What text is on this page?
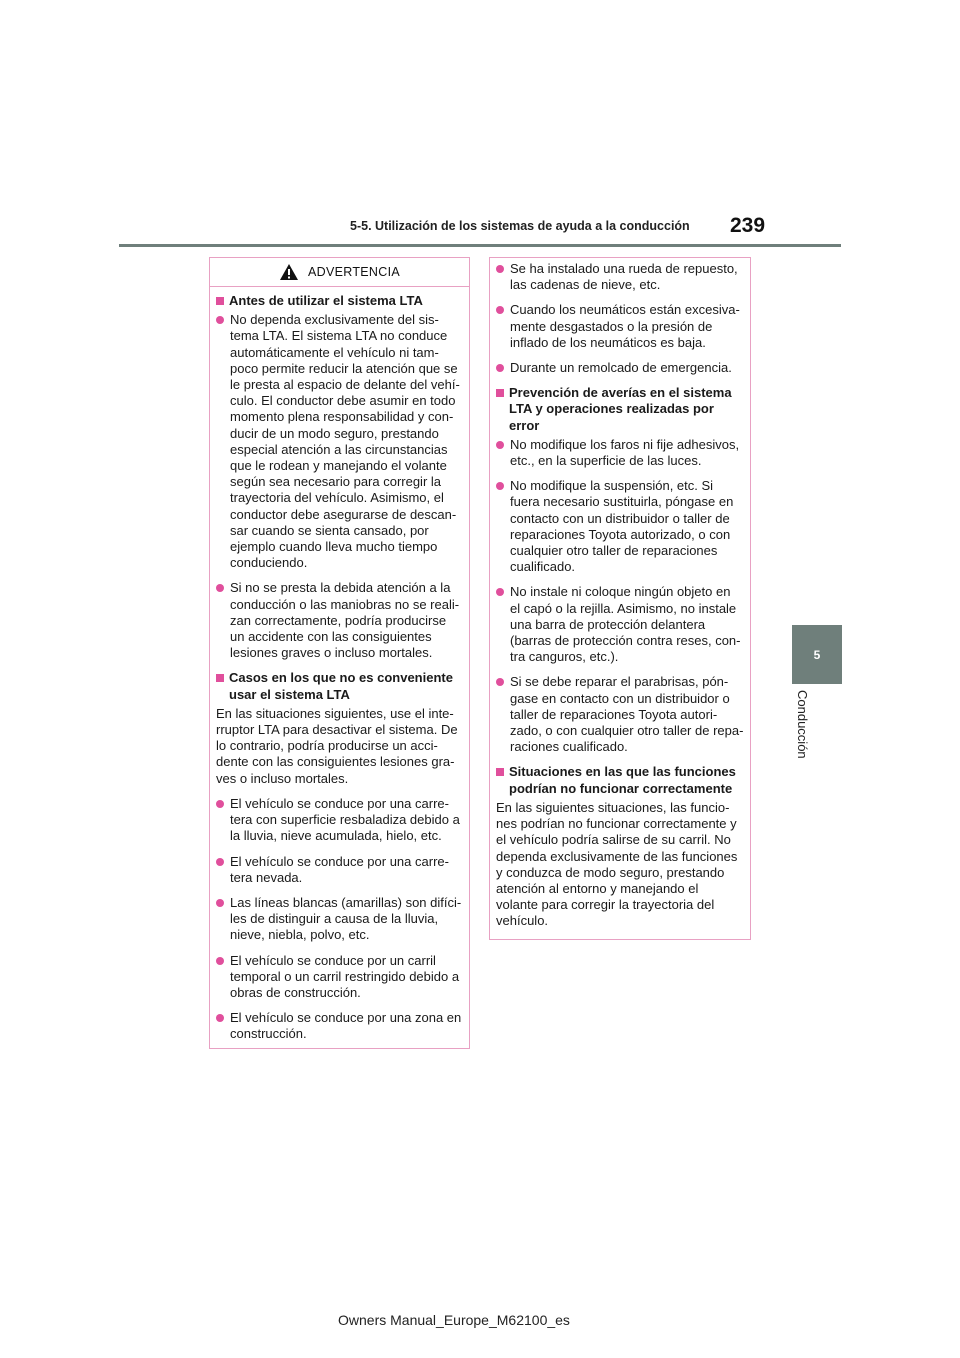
5-5. Utilización de los sistemas de ayuda a la conducción	239
5
Conducción
ADVERTENCIA
Antes de utilizar el sistema LTA
No dependa exclusivamente del sis-
tema LTA. El sistema LTA no conduce
automáticamente el vehículo ni tam-
poco permite reducir la atención que se
le presta al espacio de delante del vehí-
culo. El conductor debe asumir en todo
momento plena responsabilidad y con-
ducir de un modo seguro, prestando
especial atención a las circunstancias
que le rodean y manejando el volante
según sea necesario para corregir la
trayectoria del vehículo. Asimismo, el
conductor debe asegurarse de descan-
sar cuando se sienta cansado, por
ejemplo cuando lleva mucho tiempo
conduciendo.
Si no se presta la debida atención a la
conducción o las maniobras no se reali-
zan correctamente, podría producirse
un accidente con las consiguientes
lesiones graves o incluso mortales.
Casos en los que no es conveniente
usar el sistema LTA
En las situaciones siguientes, use el inte-
rruptor LTA para desactivar el sistema. De
lo contrario, podría producirse un acci-
dente con las consiguientes lesiones gra-
ves o incluso mortales.
El vehículo se conduce por una carre-
tera con superficie resbaladiza debido a
la lluvia, nieve acumulada, hielo, etc.
El vehículo se conduce por una carre-
tera nevada.
Las líneas blancas (amarillas) son difíci-
les de distinguir a causa de la lluvia,
nieve, niebla, polvo, etc.
El vehículo se conduce por un carril
temporal o un carril restringido debido a
obras de construcción.
El vehículo se conduce por una zona en
construcción.
Se ha instalado una rueda de repuesto,
las cadenas de nieve, etc.
Cuando los neumáticos están excesiva-
mente desgastados o la presión de
inflado de los neumáticos es baja.
Durante un remolcado de emergencia.
Prevención de averías en el sistema
LTA y operaciones realizadas por
error
No modifique los faros ni fije adhesivos,
etc., en la superficie de las luces.
No modifique la suspensión, etc. Si
fuera necesario sustituirla, póngase en
contacto con un distribuidor o taller de
reparaciones Toyota autorizado, o con
cualquier otro taller de reparaciones
cualificado.
No instale ni coloque ningún objeto en
el capó o la rejilla. Asimismo, no instale
una barra de protección delantera
(barras de protección contra reses, con-
tra canguros, etc.).
Si se debe reparar el parabrisas, pón-
gase en contacto con un distribuidor o
taller de reparaciones Toyota autori-
zado, o con cualquier otro taller de repa-
raciones cualificado.
Situaciones en las que las funciones
podrían no funcionar correctamente
En las siguientes situaciones, las funcio-
nes podrían no funcionar correctamente y
el vehículo podría salirse de su carril. No
dependa exclusivamente de las funciones
y conduzca de modo seguro, prestando
atención al entorno y manejando el
volante para corregir la trayectoria del
vehículo.
Owners Manual_Europe_M62100_es
